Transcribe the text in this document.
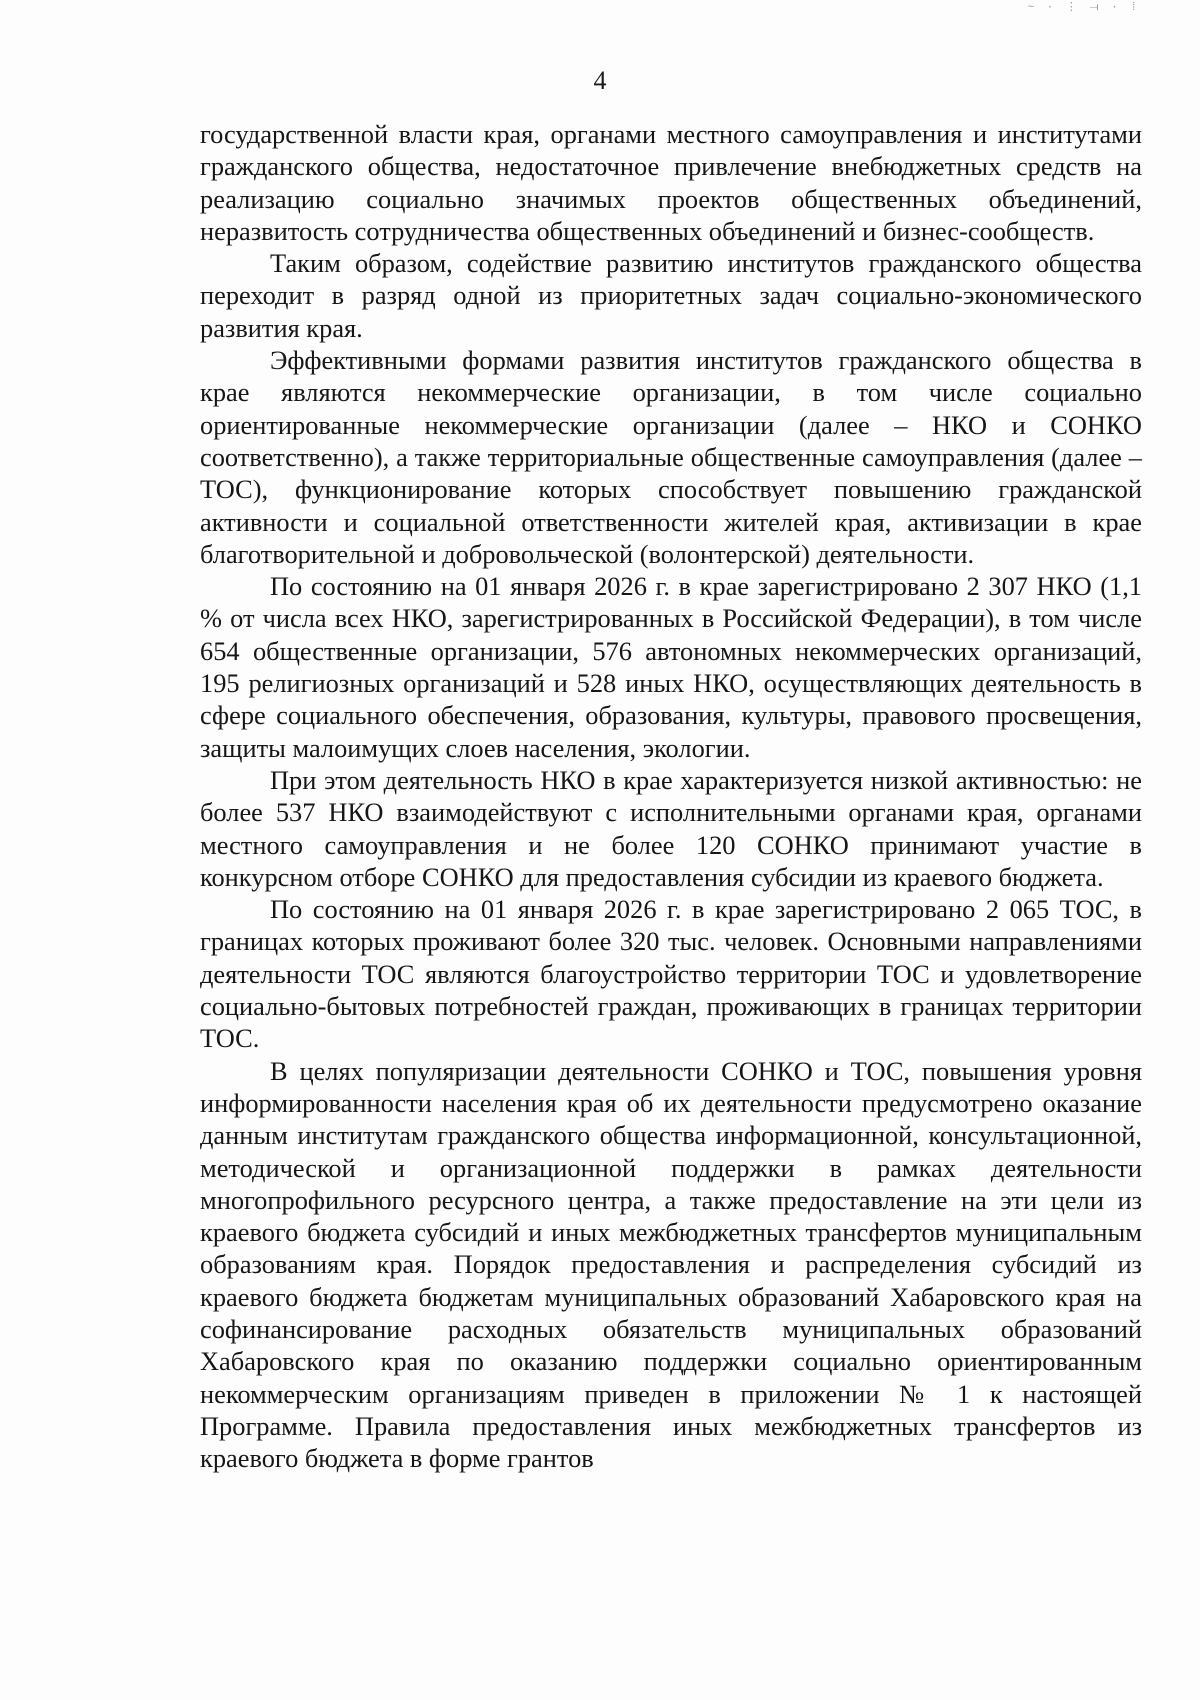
~ · ⋮ ⟞ · ⁞
4

государственной власти края, органами местного самоуправления и институтами гражданского общества, недостаточное привлечение внебюджетных средств на реализацию социально значимых проектов общественных объединений, неразвитость сотрудничества общественных объединений и бизнес-сообществ.

Таким образом, содействие развитию институтов гражданского общества переходит в разряд одной из приоритетных задач социально-экономического развития края.

Эффективными формами развития институтов гражданского общества в крае являются некоммерческие организации, в том числе социально ориентированные некоммерческие организации (далее – НКО и СОНКО соответственно), а также территориальные общественные самоуправления (далее – ТОС), функционирование которых способствует повышению гражданской активности и социальной ответственности жителей края, активизации в крае благотворительной и добровольческой (волонтерской) деятельности.

По состоянию на 01 января 2026 г. в крае зарегистрировано 2 307 НКО (1,1 % от числа всех НКО, зарегистрированных в Российской Федерации), в том числе 654 общественные организации, 576 автономных некоммерческих организаций, 195 религиозных организаций и 528 иных НКО, осуществляющих деятельность в сфере социального обеспечения, образования, культуры, правового просвещения, защиты малоимущих слоев населения, экологии.

При этом деятельность НКО в крае характеризуется низкой активностью: не более 537 НКО взаимодействуют с исполнительными органами края, органами местного самоуправления и не более 120 СОНКО принимают участие в конкурсном отборе СОНКО для предоставления субсидии из краевого бюджета.

По состоянию на 01 января 2026 г. в крае зарегистрировано 2 065 ТОС, в границах которых проживают более 320 тыс. человек. Основными направлениями деятельности ТОС являются благоустройство территории ТОС и удовлетворение социально-бытовых потребностей граждан, проживающих в границах территории ТОС.

В целях популяризации деятельности СОНКО и ТОС, повышения уровня информированности населения края об их деятельности предусмотрено оказание данным институтам гражданского общества информационной, консультационной, методической и организационной поддержки в рамках деятельности многопрофильного ресурсного центра, а также предоставление на эти цели из краевого бюджета субсидий и иных межбюджетных трансфертов муниципальным образованиям края. Порядок предоставления и распределения субсидий из краевого бюджета бюджетам муниципальных образований Хабаровского края на софинансирование расходных обязательств муниципальных образований Хабаровского края по оказанию поддержки социально ориентированным некоммерческим организациям приведен в приложении № 1 к настоящей Программе. Правила предоставления иных межбюджетных трансфертов из краевого бюджета в форме грантов
